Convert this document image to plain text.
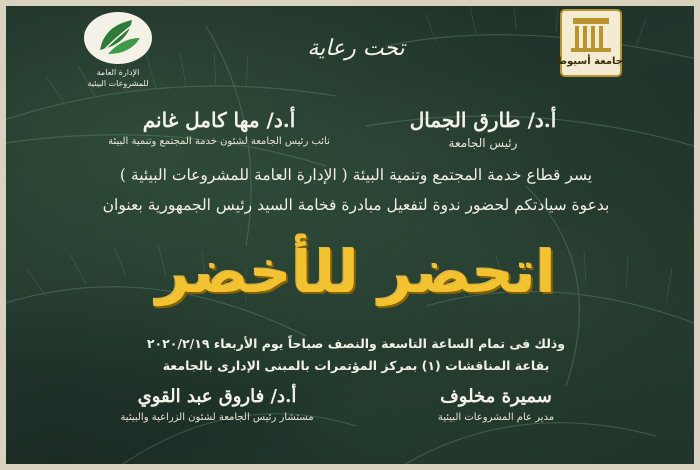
الإدارة العامة
للمشروعات البيئية
جامعة أسيوط
تحت رعاية
أ.د/ طارق الجمال
رئيس الجامعة
أ.د/ مها كامل غانم
نائب رئيس الجامعة لشئون خدمة المجتمع وتنمية البيئة
يسر قطاع خدمة المجتمع وتنمية البيئة ( الإدارة العامة للمشروعات البيئية )
بدعوة سيادتكم لحضور ندوة لتفعيل مبادرة فخامة السيد رئيس الجمهورية بعنوان
اتحضر للأخضر
وذلك فى تمام الساعة التاسعة والنصف صباحاً يوم الأربعاء ٢٠٢٠/٢/١٩
بقاعة المناقشات (١) بمركز المؤتمرات بالمبنى الإدارى بالجامعة
سميرة مخلوف
مدير عام المشروعات البيئية
أ.د/ فاروق عبد القوي
مستشار رئيس الجامعة لشئون الزراعية والبيئية
